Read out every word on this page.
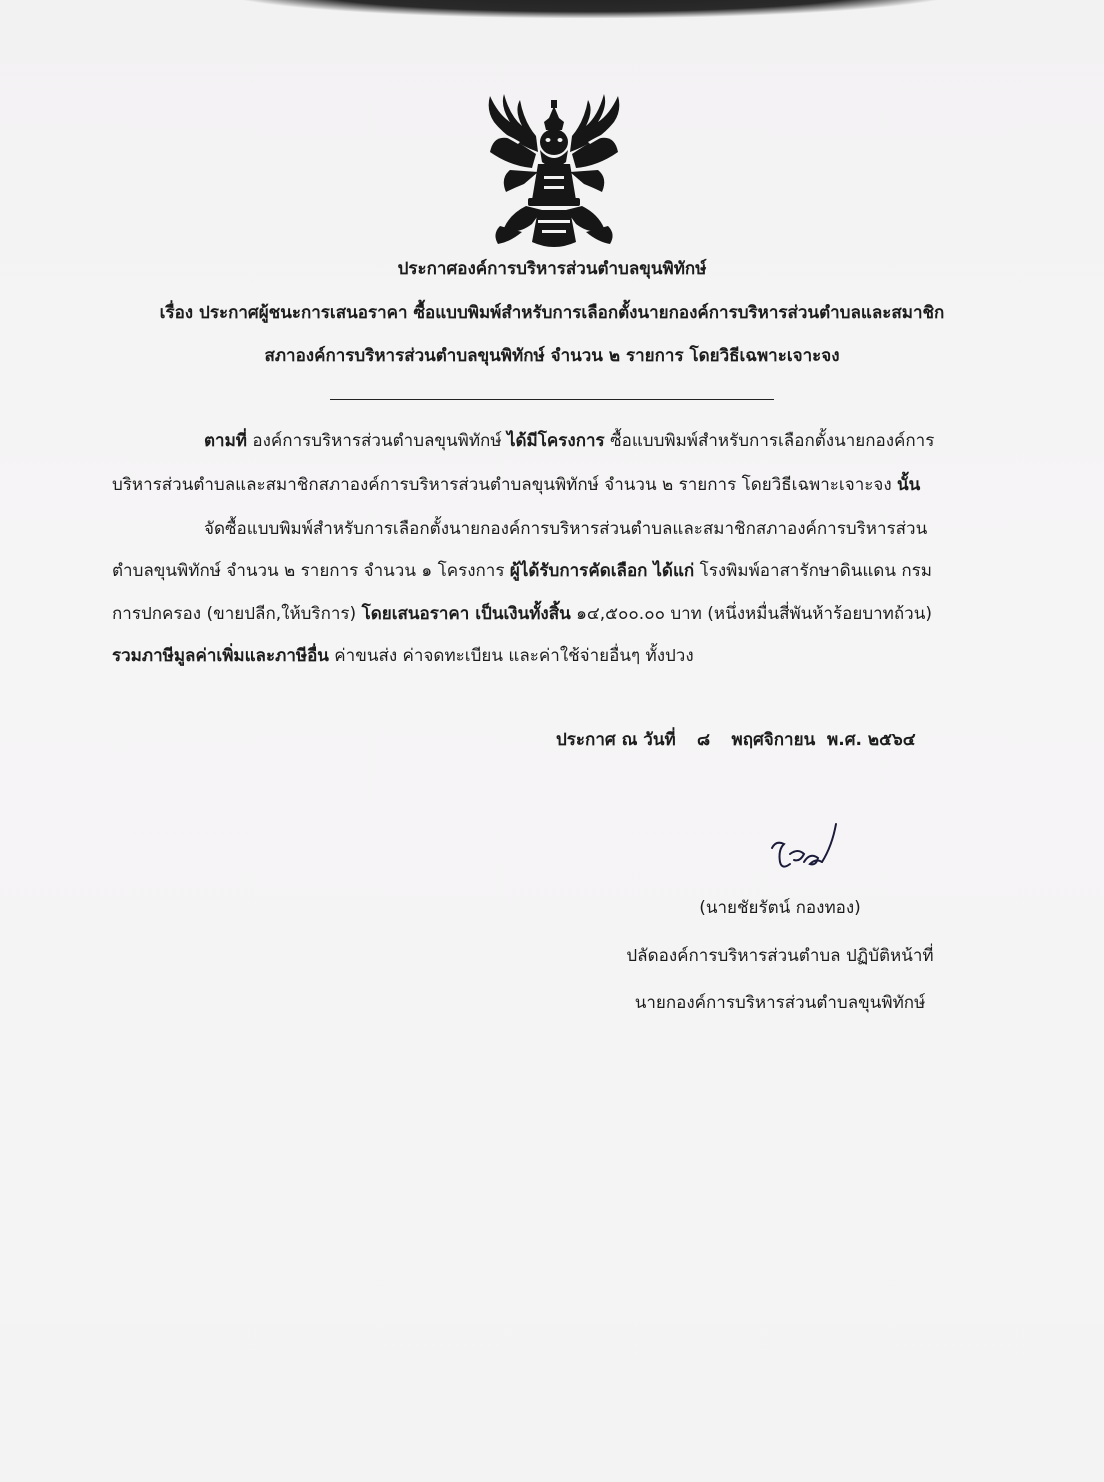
ประกาศองค์การบริหารส่วนตำบลขุนพิทักษ์
เรื่อง ประกาศผู้ชนะการเสนอราคา ซื้อแบบพิมพ์สำหรับการเลือกตั้งนายกองค์การบริหารส่วนตำบลและสมาชิก
สภาองค์การบริหารส่วนตำบลขุนพิทักษ์ จำนวน ๒ รายการ โดยวิธีเฉพาะเจาะจง
ตามที่ องค์การบริหารส่วนตำบลขุนพิทักษ์ ได้มีโครงการ ซื้อแบบพิมพ์สำหรับการเลือกตั้งนายกองค์การ
บริหารส่วนตำบลและสมาชิกสภาองค์การบริหารส่วนตำบลขุนพิทักษ์ จำนวน ๒ รายการ โดยวิธีเฉพาะเจาะจง นั้น
จัดซื้อแบบพิมพ์สำหรับการเลือกตั้งนายกองค์การบริหารส่วนตำบลและสมาชิกสภาองค์การบริหารส่วน
ตำบลขุนพิทักษ์ จำนวน ๒ รายการ จำนวน ๑ โครงการ ผู้ได้รับการคัดเลือก ได้แก่ โรงพิมพ์อาสารักษาดินแดน กรม
การปกครอง (ขายปลีก,ให้บริการ) โดยเสนอราคา เป็นเงินทั้งสิ้น ๑๔,๕๐๐.๐๐ บาท (หนึ่งหมื่นสี่พันห้าร้อยบาทถ้วน)
รวมภาษีมูลค่าเพิ่มและภาษีอื่น ค่าขนส่ง ค่าจดทะเบียน และค่าใช้จ่ายอื่นๆ ทั้งปวง
ประกาศ ณ วันที่ ๘ พฤศจิกายน พ.ศ. ๒๕๖๔
(นายชัยรัตน์ กองทอง)
ปลัดองค์การบริหารส่วนตำบล ปฏิบัติหน้าที่
นายกองค์การบริหารส่วนตำบลขุนพิทักษ์
